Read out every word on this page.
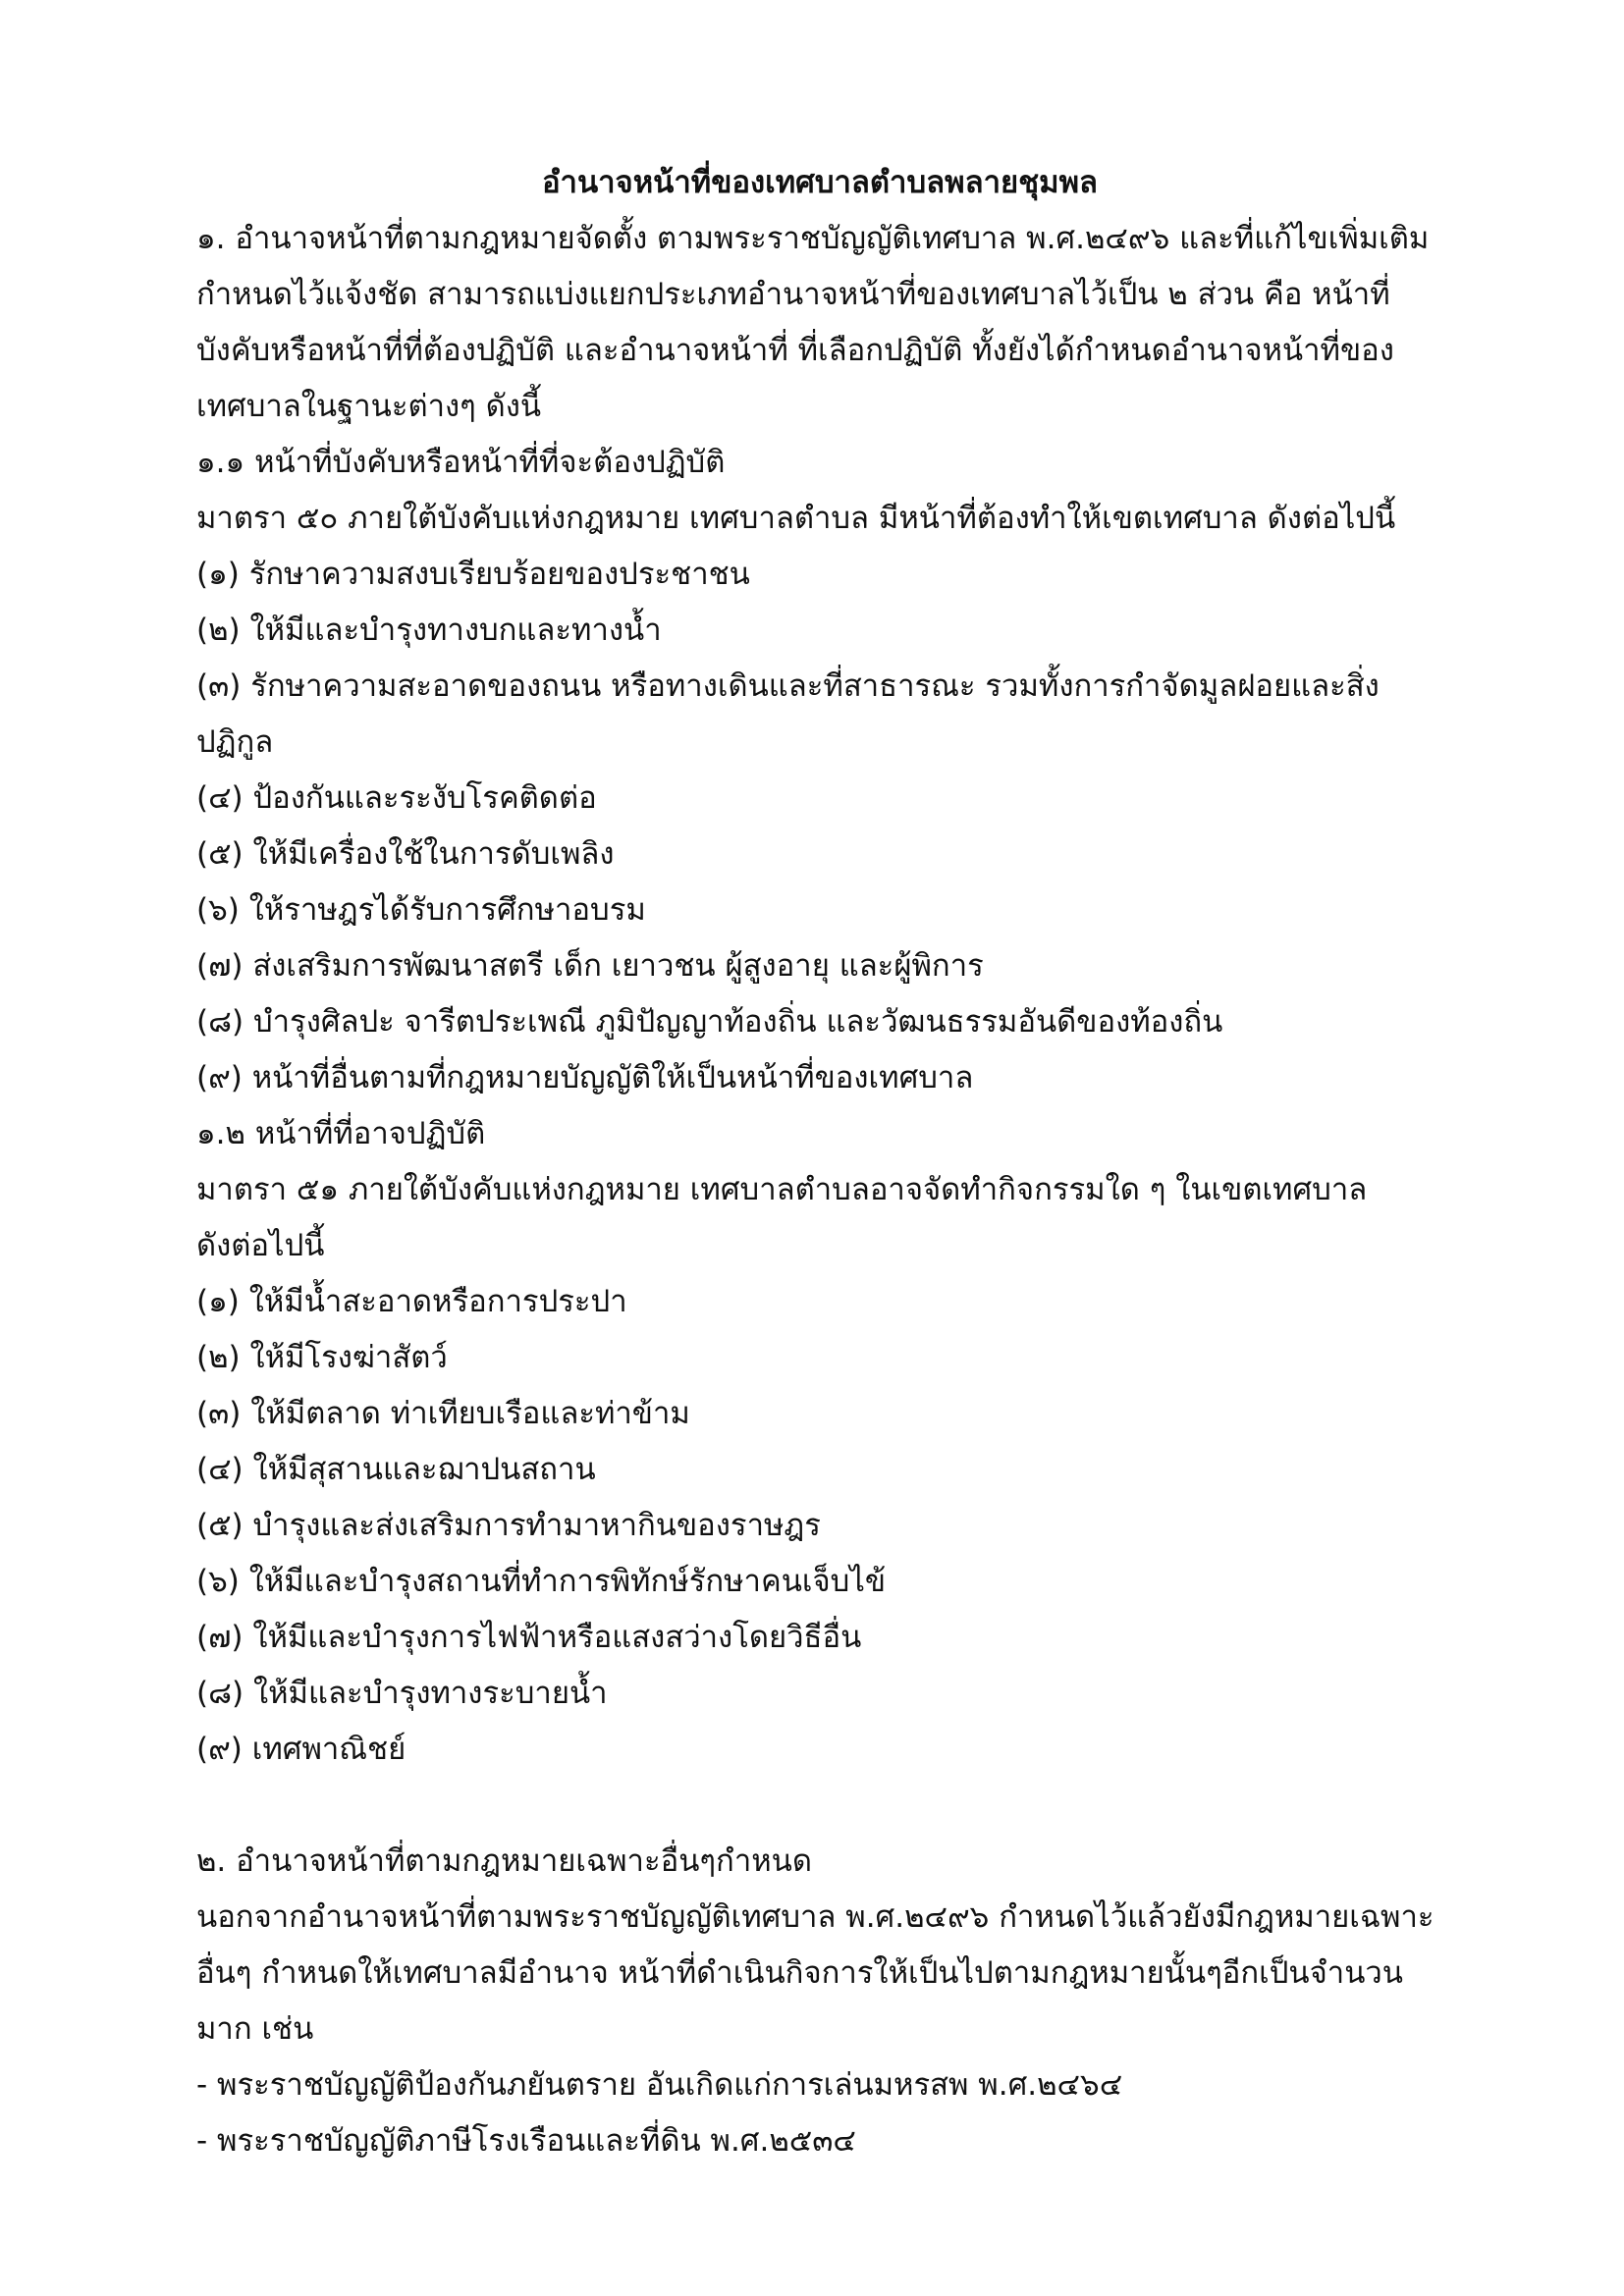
อำนาจหน้าที่ของเทศบาลตำบลพลายชุมพล

๑. อำนาจหน้าที่ตามกฎหมายจัดตั้ง ตามพระราชบัญญัติเทศบาล พ.ศ.๒๔๙๖ และที่แก้ไขเพิ่มเติม

กำหนดไว้แจ้งชัด สามารถแบ่งแยกประเภทอำนาจหน้าที่ของเทศบาลไว้เป็น ๒ ส่วน คือ หน้าที่

บังคับหรือหน้าที่ที่ต้องปฏิบัติ และอำนาจหน้าที่ ที่เลือกปฏิบัติ ทั้งยังได้กำหนดอำนาจหน้าที่ของ

เทศบาลในฐานะต่างๆ ดังนี้

๑.๑ หน้าที่บังคับหรือหน้าที่ที่จะต้องปฏิบัติ

มาตรา ๕๐ ภายใต้บังคับแห่งกฎหมาย เทศบาลตำบล มีหน้าที่ต้องทำให้เขตเทศบาล ดังต่อไปนี้

(๑) รักษาความสงบเรียบร้อยของประชาชน

(๒) ให้มีและบำรุงทางบกและทางน้ำ

(๓) รักษาความสะอาดของถนน หรือทางเดินและที่สาธารณะ รวมทั้งการกำจัดมูลฝอยและสิ่ง

ปฏิกูล

(๔) ป้องกันและระงับโรคติดต่อ

(๕) ให้มีเครื่องใช้ในการดับเพลิง

(๖) ให้ราษฎรได้รับการศึกษาอบรม

(๗) ส่งเสริมการพัฒนาสตรี เด็ก เยาวชน ผู้สูงอายุ และผู้พิการ

(๘) บำรุงศิลปะ จารีตประเพณี ภูมิปัญญาท้องถิ่น และวัฒนธรรมอันดีของท้องถิ่น

(๙) หน้าที่อื่นตามที่กฎหมายบัญญัติให้เป็นหน้าที่ของเทศบาล

๑.๒ หน้าที่ที่อาจปฏิบัติ

มาตรา ๕๑ ภายใต้บังคับแห่งกฎหมาย เทศบาลตำบลอาจจัดทำกิจกรรมใด ๆ ในเขตเทศบาล

ดังต่อไปนี้

(๑) ให้มีน้ำสะอาดหรือการประปา

(๒) ให้มีโรงฆ่าสัตว์

(๓) ให้มีตลาด ท่าเทียบเรือและท่าข้าม

(๔) ให้มีสุสานและฌาปนสถาน

(๕) บำรุงและส่งเสริมการทำมาหากินของราษฎร

(๖) ให้มีและบำรุงสถานที่ทำการพิทักษ์รักษาคนเจ็บไข้

(๗) ให้มีและบำรุงการไฟฟ้าหรือแสงสว่างโดยวิธีอื่น

(๘) ให้มีและบำรุงทางระบายน้ำ

(๙) เทศพาณิชย์

๒. อำนาจหน้าที่ตามกฎหมายเฉพาะอื่นๆกำหนด

นอกจากอำนาจหน้าที่ตามพระราชบัญญัติเทศบาล พ.ศ.๒๔๙๖ กำหนดไว้แล้วยังมีกฎหมายเฉพาะ

อื่นๆ กำหนดให้เทศบาลมีอำนาจ หน้าที่ดำเนินกิจการให้เป็นไปตามกฎหมายนั้นๆอีกเป็นจำนวน

มาก เช่น

- พระราชบัญญัติป้องกันภยันตราย อันเกิดแก่การเล่นมหรสพ พ.ศ.๒๔๖๔

- พระราชบัญญัติภาษีโรงเรือนและที่ดิน พ.ศ.๒๕๓๔
